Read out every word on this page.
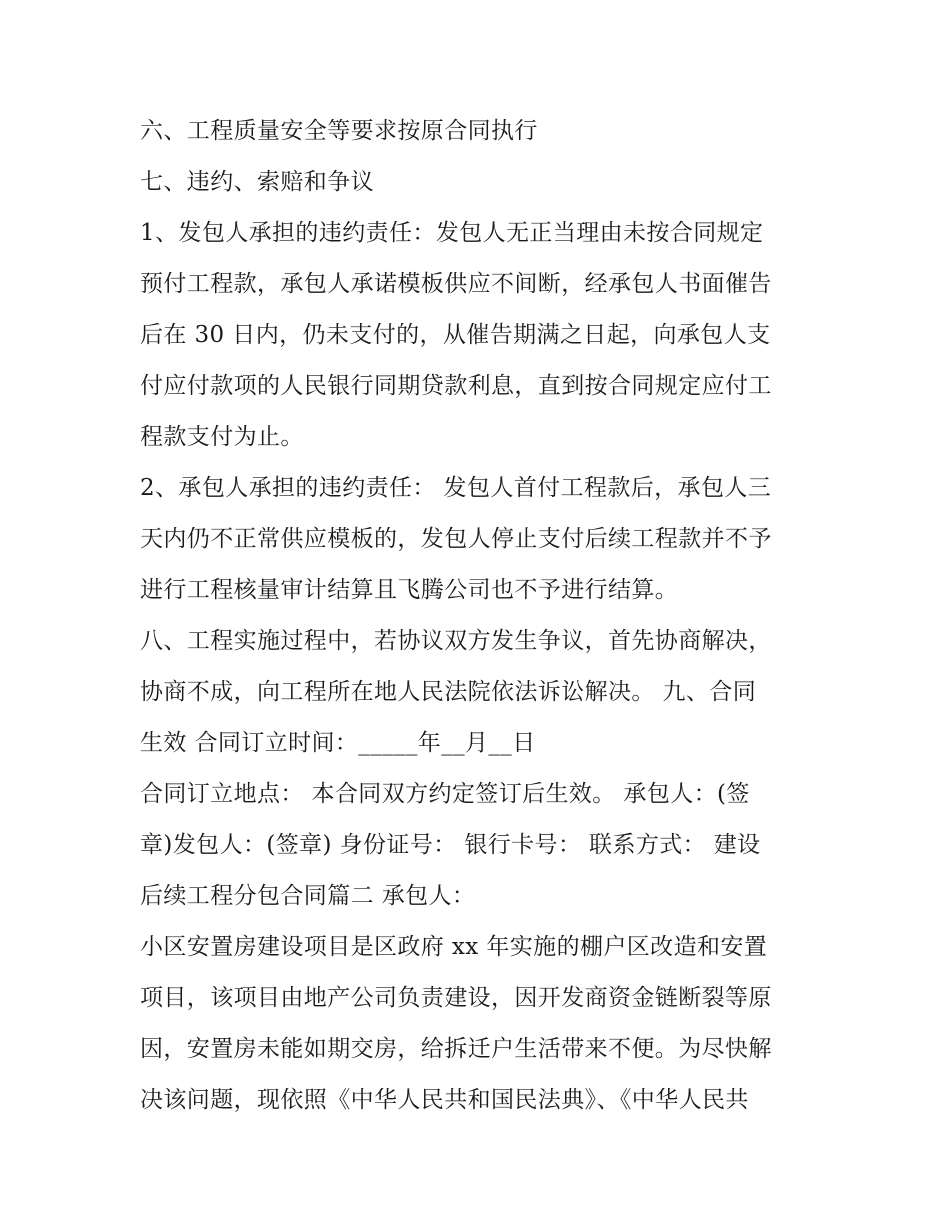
六、工程质量安全等要求按原合同执行
七、违约、索赔和争议
1、发包人承担的违约责任：发包人无正当理由未按合同规定
预付工程款，承包人承诺模板供应不间断，经承包人书面催告
后在 30 日内，仍未支付的，从催告期满之日起，向承包人支
付应付款项的人民银行同期贷款利息，直到按合同规定应付工
程款支付为止。
2、承包人承担的违约责任： 发包人首付工程款后，承包人三
天内仍不正常供应模板的，发包人停止支付后续工程款并不予
进行工程核量审计结算且飞腾公司也不予进行结算。
八、工程实施过程中，若协议双方发生争议，首先协商解决，
协商不成，向工程所在地人民法院依法诉讼解决。 九、合同
生效 合同订立时间：_____年__月__日
合同订立地点： 本合同双方约定签订后生效。 承包人：(签
章)发包人：(签章) 身份证号： 银行卡号： 联系方式： 建设
后续工程分包合同篇二 承包人：
小区安置房建设项目是区政府 xx 年实施的棚户区改造和安置
项目，该项目由地产公司负责建设，因开发商资金链断裂等原
因，安置房未能如期交房，给拆迁户生活带来不便。为尽快解
决该问题，现依照《中华人民共和国民法典》、《中华人民共
